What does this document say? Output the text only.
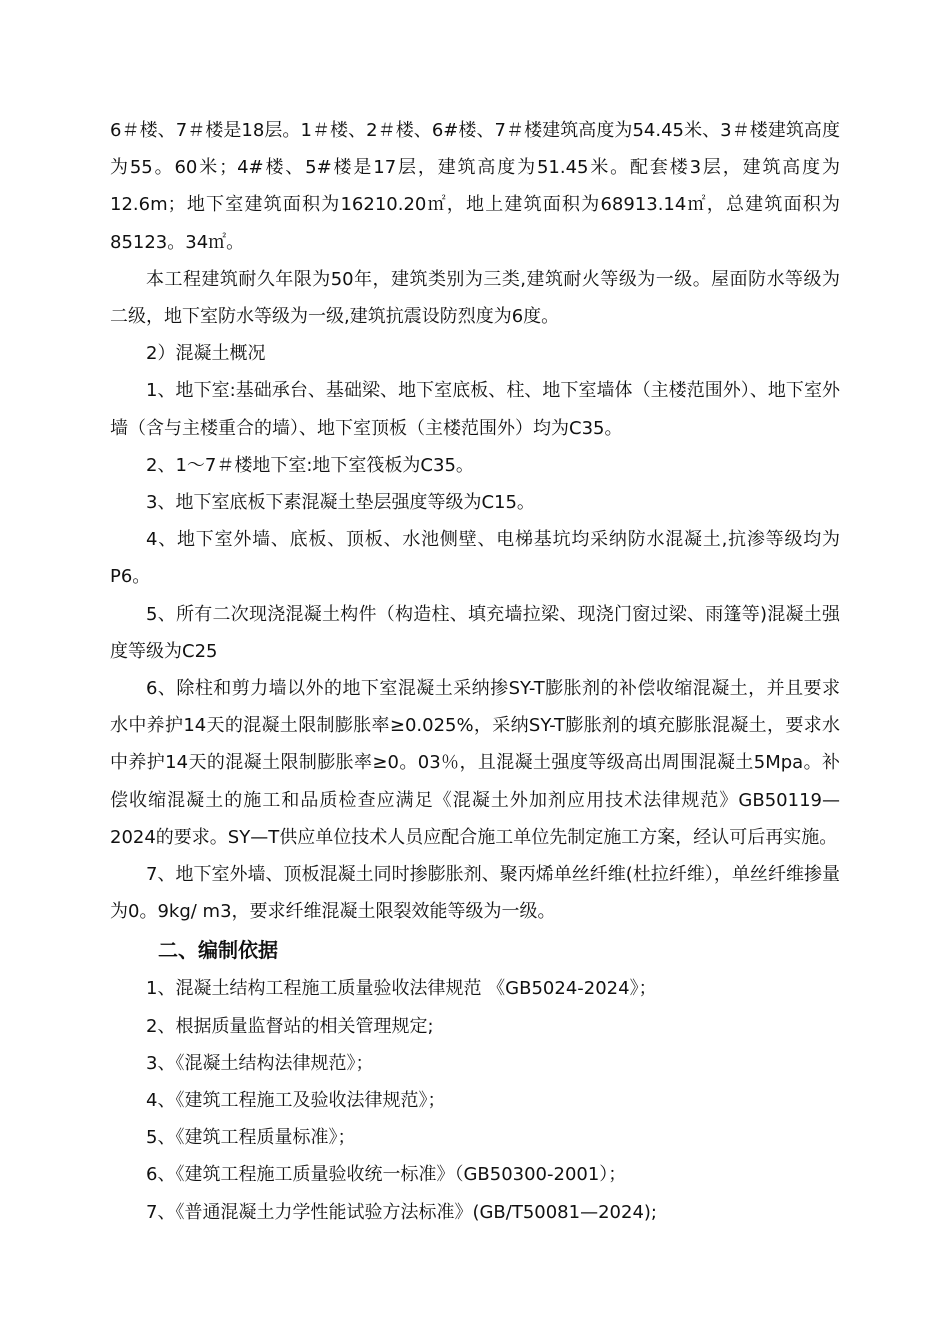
6＃楼、7＃楼是18层。1＃楼、2＃楼、6#楼、7＃楼建筑高度为54.45米、3＃楼建筑高度为55。60米；4#楼、5#楼是17层，建筑高度为51.45米。配套楼3层，建筑高度为12.6m；地下室建筑面积为16210.20㎡，地上建筑面积为68913.14㎡，总建筑面积为85123。34㎡。

本工程建筑耐久年限为50年，建筑类别为三类,建筑耐火等级为一级。屋面防水等级为二级，地下室防水等级为一级,建筑抗震设防烈度为6度。

2）混凝土概况

1、地下室:基础承台、基础梁、地下室底板、柱、地下室墙体（主楼范围外）、地下室外墙（含与主楼重合的墙）、地下室顶板（主楼范围外）均为C35。

2、1～7＃楼地下室:地下室筏板为C35。

3、地下室底板下素混凝土垫层强度等级为C15。

4、地下室外墙、底板、顶板、水池侧壁、电梯基坑均采纳防水混凝土,抗渗等级均为P6。

5、所有二次现浇混凝土构件（构造柱、填充墙拉梁、现浇门窗过梁、雨篷等)混凝土强度等级为C25

6、除柱和剪力墙以外的地下室混凝土采纳掺SY-T膨胀剂的补偿收缩混凝土，并且要求水中养护14天的混凝土限制膨胀率≥0.025%，采纳SY-T膨胀剂的填充膨胀混凝土，要求水中养护14天的混凝土限制膨胀率≥0。03％，且混凝土强度等级高出周围混凝土5Mpa。补偿收缩混凝土的施工和品质检查应满足《混凝土外加剂应用技术法律规范》GB50119—2024的要求。SY—T供应单位技术人员应配合施工单位先制定施工方案，经认可后再实施。

7、地下室外墙、顶板混凝土同时掺膨胀剂、聚丙烯单丝纤维(杜拉纤维），单丝纤维掺量为0。9kg/ m3，要求纤维混凝土限裂效能等级为一级。

二、编制依据

1、混凝土结构工程施工质量验收法律规范 《GB5024-2024》；

2、根据质量监督站的相关管理规定;

3、《混凝土结构法律规范》；

4、《建筑工程施工及验收法律规范》；

5、《建筑工程质量标准》；

6、《建筑工程施工质量验收统一标准》（GB50300-2001）；

7、《普通混凝土力学性能试验方法标准》(GB/T50081—2024);
